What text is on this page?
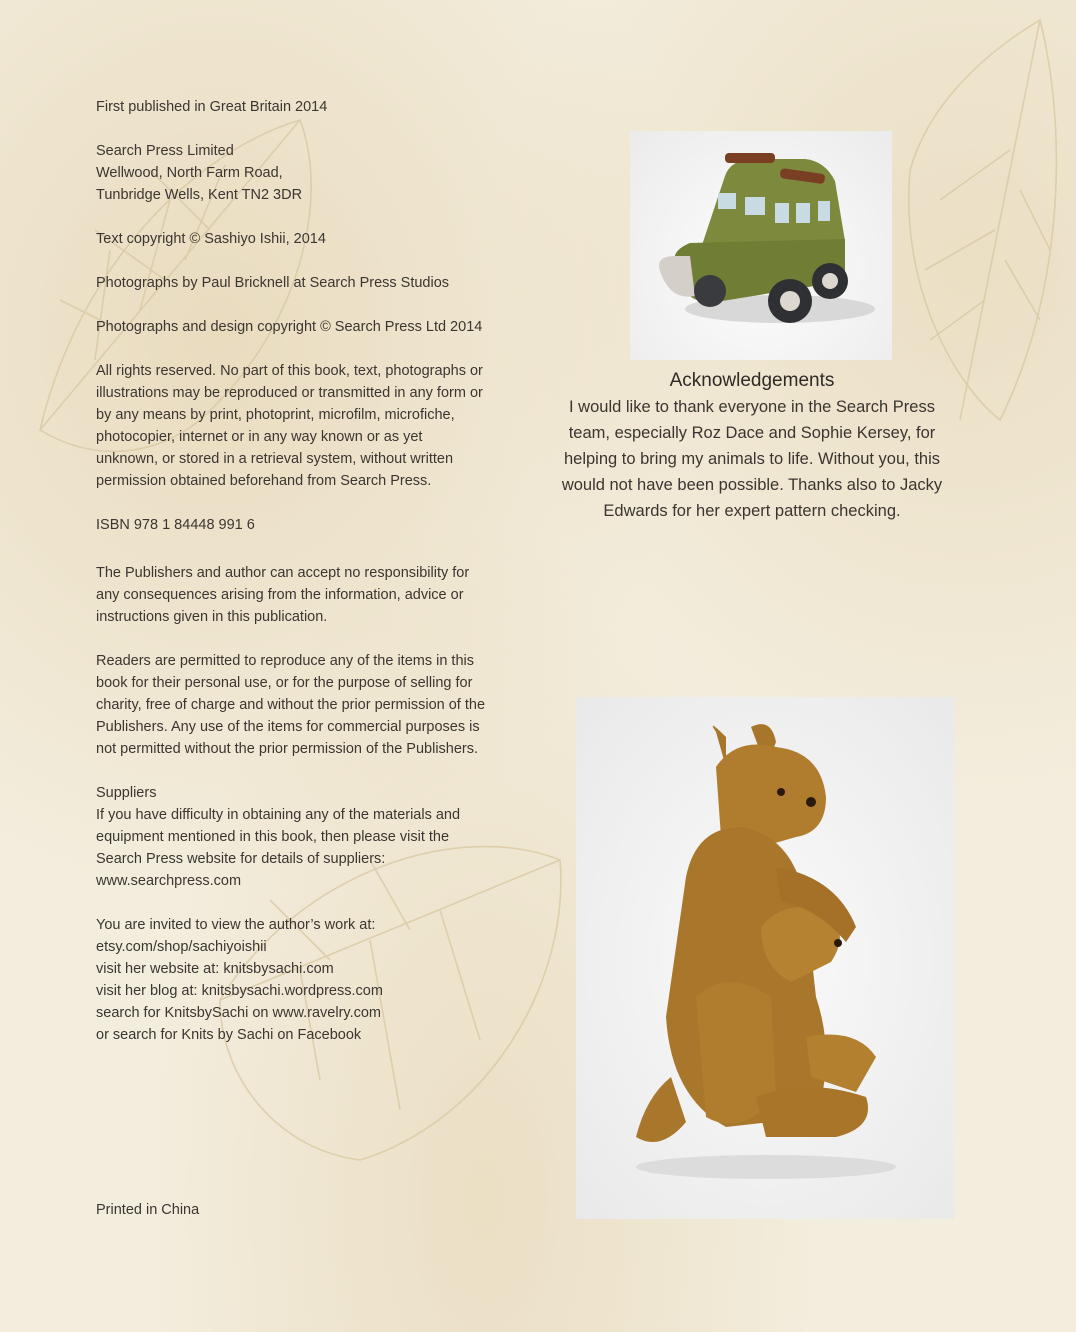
First published in Great Britain 2014

Search Press Limited
Wellwood, North Farm Road,
Tunbridge Wells, Kent TN2 3DR

Text copyright © Sashiyo Ishii, 2014

Photographs by Paul Bricknell at Search Press Studios

Photographs and design copyright © Search Press Ltd 2014

All rights reserved. No part of this book, text, photographs or illustrations may be reproduced or transmitted in any form or by any means by print, photoprint, microfilm, microfiche, photocopier, internet or in any way known or as yet unknown, or stored in a retrieval system, without written permission obtained beforehand from Search Press.

ISBN 978 1 84448 991 6

The Publishers and author can accept no responsibility for any consequences arising from the information, advice or instructions given in this publication.

Readers are permitted to reproduce any of the items in this book for their personal use, or for the purpose of selling for charity, free of charge and without the prior permission of the Publishers. Any use of the items for commercial purposes is not permitted without the prior permission of the Publishers.

Suppliers

If you have difficulty in obtaining any of the materials and equipment mentioned in this book, then please visit the Search Press website for details of suppliers: www.searchpress.com

You are invited to view the author’s work at:
etsy.com/shop/sachiyoishii
visit her website at: knitsbysachi.com
visit her blog at: knitsbysachi.wordpress.com
search for KnitsbySachi on www.ravelry.com
or search for Knits by Sachi on Facebook

Printed in China
Acknowledgements
I would like to thank everyone in the Search Press team, especially Roz Dace and Sophie Kersey, for helping to bring my animals to life. Without you, this would not have been possible. Thanks also to Jacky Edwards for her expert pattern checking.
